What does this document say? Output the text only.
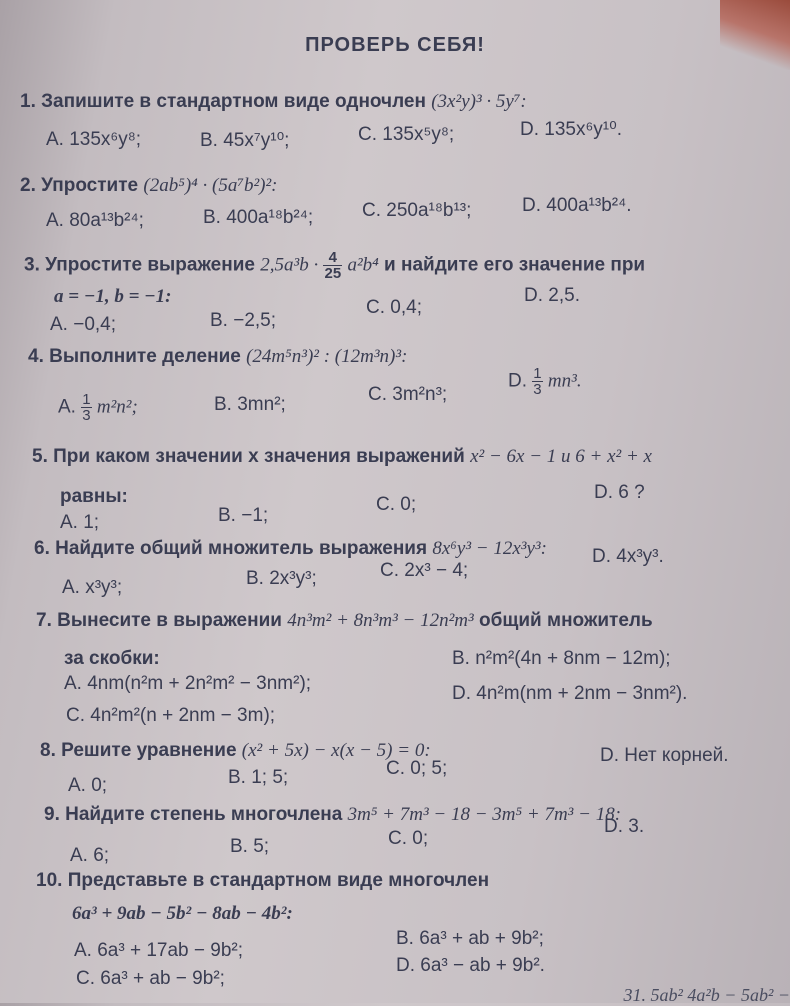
ПРОВЕРЬ СЕБЯ!
1. Запишите в стандартном виде одночлен (3x²y)³ · 5y⁷:
A. 135x⁶y⁸;	B. 45x⁷y¹⁰;	C. 135x⁵y⁸;	D. 135x⁶y¹⁰.
2. Упростите (2ab⁵)⁴ · (5a⁷b²)²:
A. 80a¹³b²⁴;	B. 400a¹⁸b²⁴;	C. 250a¹⁸b¹³;	D. 400a¹³b²⁴.
3. Упростите выражение $2,5a^3b \cdot \frac{4}{25} a^2b^4$ и найдите его значение при
a = −1, b = −1:
A. −0,4;	B. −2,5;
C. 0,4;
D. 2,5.
4. Выполните деление (24m⁵n³)² : (12m³n)³:
A. $\frac{1}{3} m^2n^2$;	B. 3mn²;	C. 3m²n³;
D. $\frac{1}{3} mn^3$.
5. При каком значении x значения выражений x² − 6x − 1 и 6 + x² + x
равны:
A. 1;	B. −1;
C. 0;
D. 6 ?
6. Найдите общий множитель выражения 8x⁶y³ − 12x³y³:
A. x³y³;	B. 2x³y³;	C. 2x³ − 4;
D. 4x³y³.
7. Вынесите в выражении 4n³m² + 8n³m³ − 12n²m³ общий множитель
за скобки:
A. 4nm(n²m + 2n²m² − 3nm²);
B. n²m²(4n + 8nm − 12m);
C. 4n²m²(n + 2nm − 3m);
D. 4n²m(nm + 2nm − 3nm²).
8. Решите уравнение (x² + 5x) − x(x − 5) = 0:
A. 0;	B. 1; 5;	C. 0; 5;
D. Нет корней.
9. Найдите степень многочлена 3m⁵ + 7m³ − 18 − 3m⁵ + 7m³ − 18:
A. 6;	B. 5;	C. 0;
D. 3.
10. Представьте в стандартном виде многочлен
6a³ + 9ab − 5b² − 8ab − 4b²:
A. 6a³ + 17ab − 9b²;
B. 6a³ + ab + 9b²;
C. 6a³ + ab − 9b²;
D. 6a³ − ab + 9b².
31. 5ab² 4a²b − 5ab² −
